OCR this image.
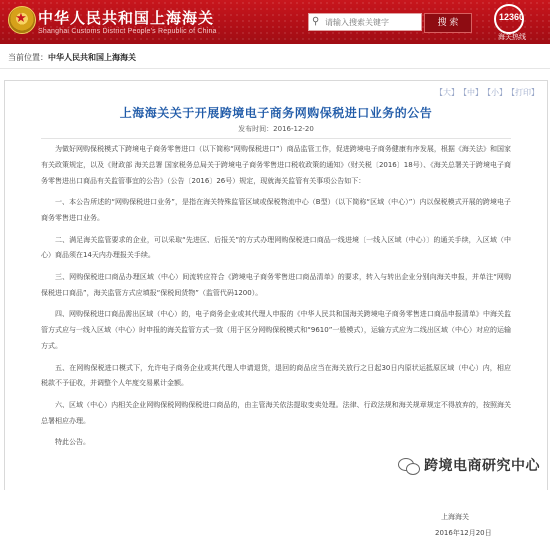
★ 中华人民共和国上海海关
Shanghai Customs District People's Republic of China
⚲
请输入搜索关键字	搜 索
12360
海关热线
当前位置：中华人民共和国上海海关
【大】 【中】 【小】 【打印】
上海海关关于开展跨境电子商务网购保税进口业务的公告
发布时间：2016-12-20

为做好网购保税模式下跨境电子商务零售进口（以下简称“网购保税进口”）商品监管工作，促进跨境电子商务健康有序发展，根据《海关法》和国家有关政策规定，以及《财政部 海关总署 国家税务总局关于跨境电子商务零售进口税收政策的通知》（财关税〔2016〕18号）、《海关总署关于跨境电子商务零售进出口商品有关监管事宜的公告》（公告〔2016〕26号）规定，现就海关监管有关事项公告如下：

一、本公告所述的“网购保税进口业务”，是指在海关特殊监管区域或保税物流中心（B型）（以下简称“区域（中心）”）内以保税模式开展的跨境电子商务零售进口业务。

二、满足海关监管要求的企业，可以采取“先进区、后报关”的方式办理网购保税进口商品一线进境〔一线入区域（中心）〕的通关手续，入区域（中心）商品须在14天内办理报关手续。

三、网购保税进口商品办理区域（中心）间流转应符合《跨境电子商务零售进口商品清单》的要求，转入与转出企业分别向海关申报，并单注“网购保税进口商品”，海关监管方式应填报“保税间货物”（监管代码1200）。

四、网购保税进口商品需出区域（中心）的，电子商务企业或其代理人申报的《中华人民共和国海关跨境电子商务零售进口商品申报清单》中海关监管方式应与一线入区域（中心）时申报的海关监管方式一致（用于区分网购保税模式和“9610”一般模式），运输方式应为二线出区域（中心）对应的运输方式。

五、在网购保税进口模式下，允许电子商务企业或其代理人申请退货，退回的商品应当在海关放行之日起30日内原状运抵原区域（中心）内，相应税款不予征收，并调整个人年度交易累计金额。

六、区域（中心）内相关企业网购保税网购保税进口商品的，由主管海关依法提取变卖处理。法律、行政法规和海关规章规定不得放弃的，按照海关总署相应办理。

特此公告。

上海海关
2016年12月20日
跨境电商研究中心
